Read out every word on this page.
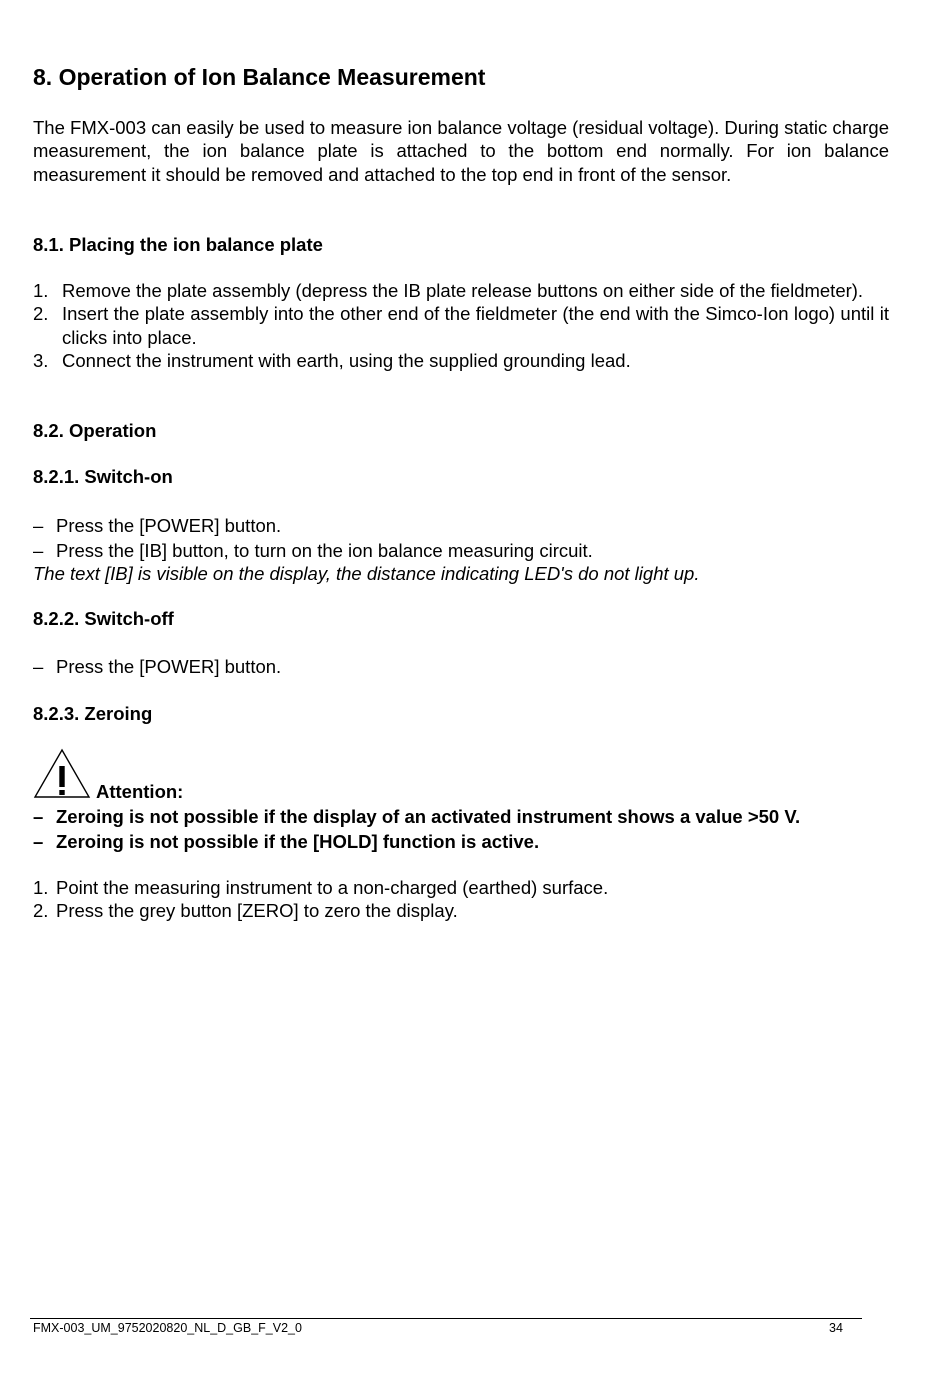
8. Operation of Ion Balance Measurement

The FMX-003 can easily be used to measure ion balance voltage (residual voltage). During static charge measurement, the ion balance plate is attached to the bottom end normally. For ion balance measurement it should be removed and attached to the top end in front of the sensor.

8.1. Placing the ion balance plate
1. Remove the plate assembly (depress the IB plate release buttons on either side of the fieldmeter).
2. Insert the plate assembly into the other end of the fieldmeter (the end with the Simco-Ion logo) until it clicks into place.
3. Connect the instrument with earth, using the supplied grounding lead.
8.2. Operation
8.2.1. Switch-on
– Press the [POWER] button.
– Press the [IB] button, to turn on the ion balance measuring circuit.

The text [IB] is visible on the display, the distance indicating LED's do not light up.

8.2.2. Switch-off
– Press the [POWER] button.
8.2.3. Zeroing
Attention:
– Zeroing is not possible if the display of an activated instrument shows a value >50 V.
– Zeroing is not possible if the [HOLD] function is active.
1. Point the measuring instrument to a non-charged (earthed) surface.
2. Press the grey button [ZERO] to zero the display.
FMX-003_UM_9752020820_NL_D_GB_F_V2_0	34
